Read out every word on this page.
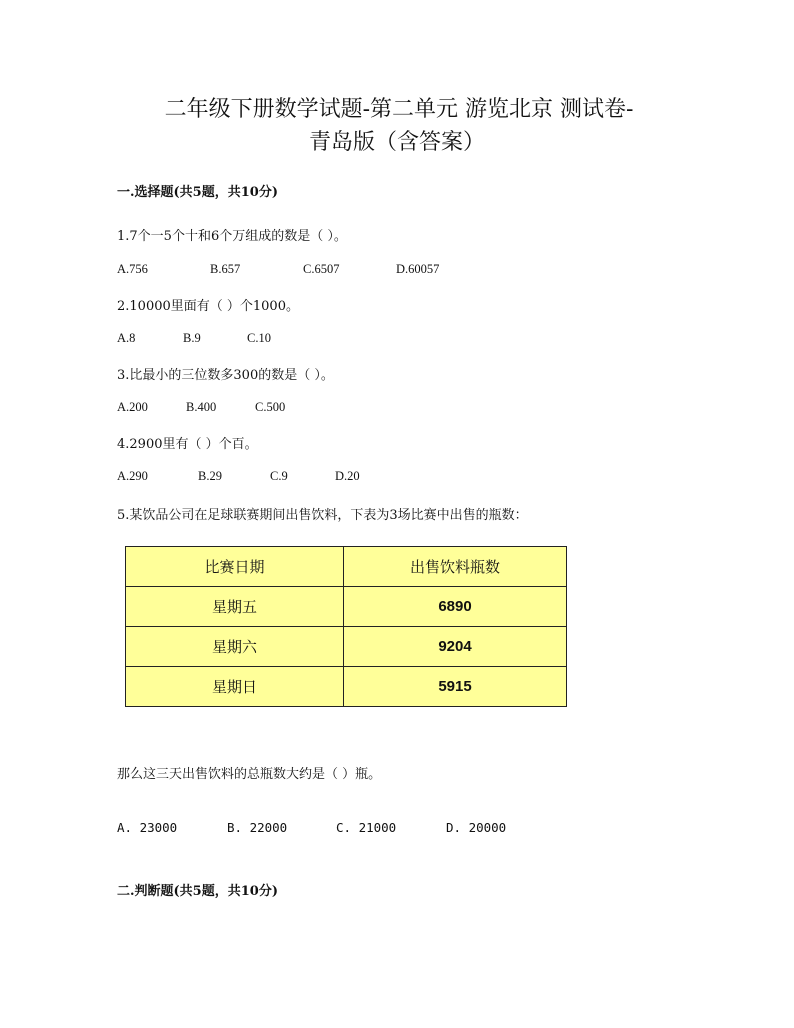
二年级下册数学试题-第二单元 游览北京 测试卷-
青岛版（含答案）
一.选择题(共5题，共10分)
1.7个一5个十和6个万组成的数是（ ）。
A.756	B.657	C.6507	D.60057
2.10000里面有（ ）个1000。
A.8	B.9	C.10
3.比最小的三位数多300的数是（ ）。
A.200	B.400	C.500
4.2900里有（ ）个百。
A.290	B.29	C.9	D.20
5.某饮品公司在足球联赛期间出售饮料，下表为3场比赛中出售的瓶数：
比赛日期	出售饮料瓶数
星期五	6890
星期六	9204
星期日	5915
那么这三天出售饮料的总瓶数大约是（ ）瓶。
A. 23000	B. 22000	C. 21000	D. 20000
二.判断题(共5题，共10分)
